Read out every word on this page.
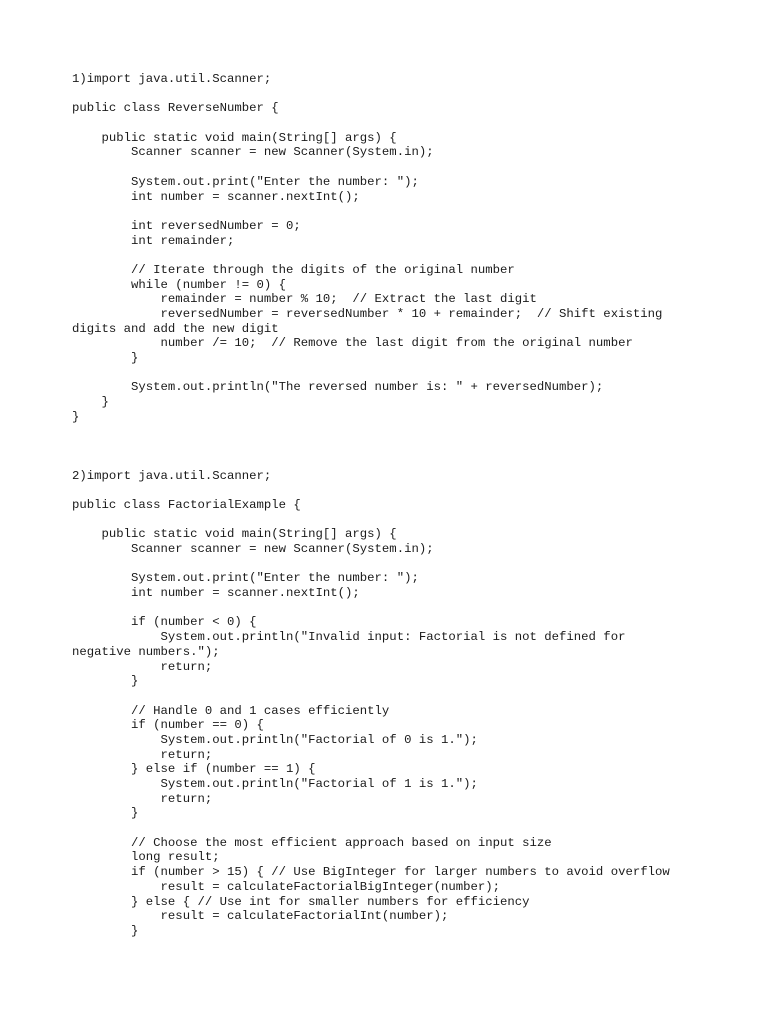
1)import java.util.Scanner;
public class ReverseNumber {
public static void main(String[] args) {
Scanner scanner = new Scanner(System.in);
System.out.print("Enter the number: ");
int number = scanner.nextInt();
int reversedNumber = 0;
int remainder;
// Iterate through the digits of the original number
while (number != 0) {
remainder = number % 10;  // Extract the last digit
reversedNumber = reversedNumber * 10 + remainder;  // Shift existing
digits and add the new digit
number /= 10;  // Remove the last digit from the original number
}
System.out.println("The reversed number is: " + reversedNumber);
}
}
2)import java.util.Scanner;
public class FactorialExample {
public static void main(String[] args) {
Scanner scanner = new Scanner(System.in);
System.out.print("Enter the number: ");
int number = scanner.nextInt();
if (number < 0) {
System.out.println("Invalid input: Factorial is not defined for
negative numbers.");
return;
}
// Handle 0 and 1 cases efficiently
if (number == 0) {
System.out.println("Factorial of 0 is 1.");
return;
} else if (number == 1) {
System.out.println("Factorial of 1 is 1.");
return;
}
// Choose the most efficient approach based on input size
long result;
if (number > 15) { // Use BigInteger for larger numbers to avoid overflow
result = calculateFactorialBigInteger(number);
} else { // Use int for smaller numbers for efficiency
result = calculateFactorialInt(number);
}
